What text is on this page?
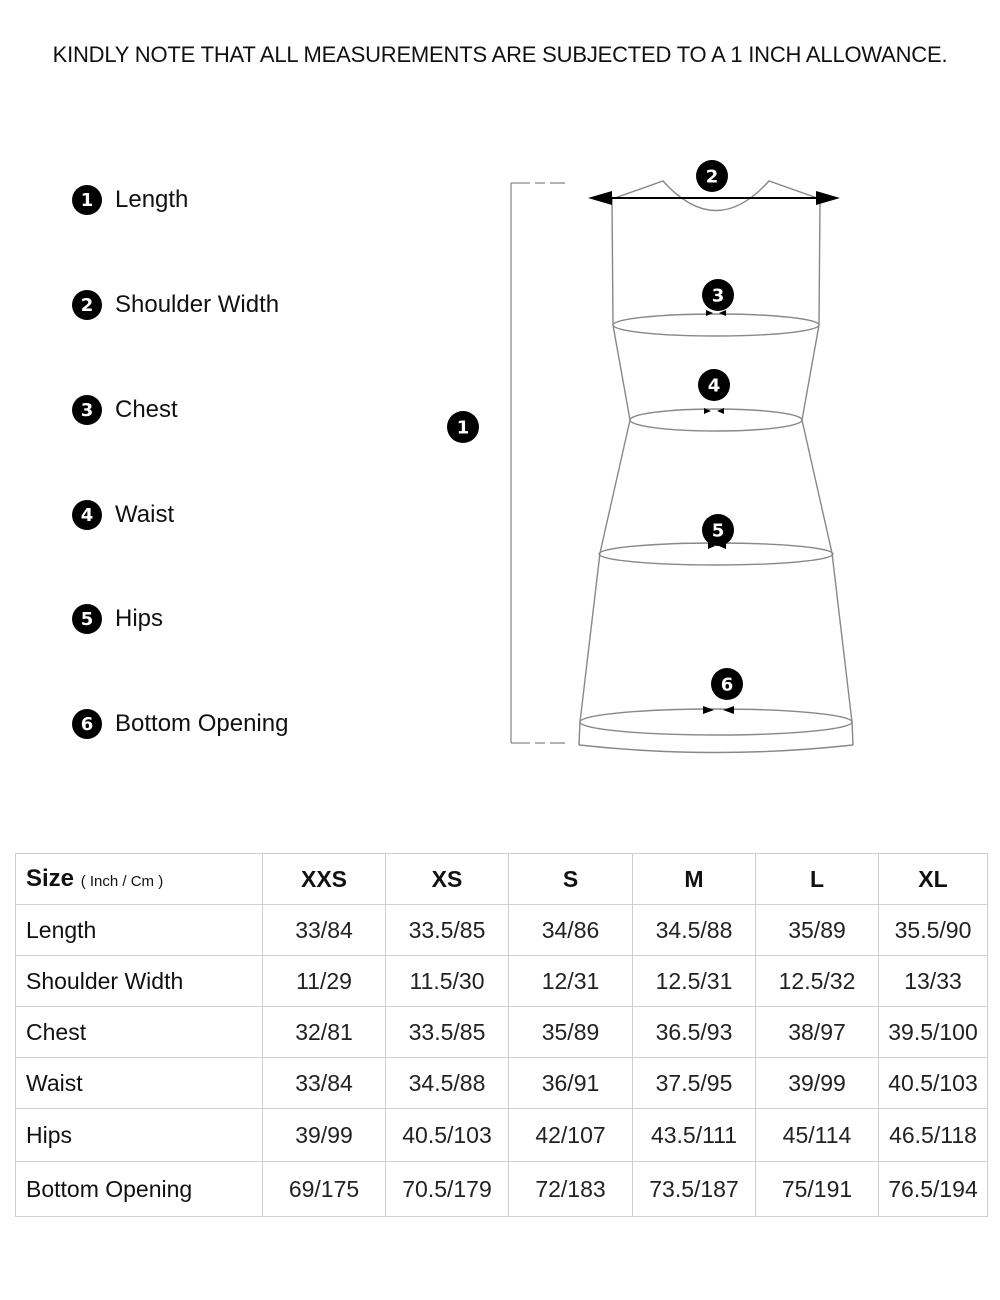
KINDLY NOTE THAT ALL MEASUREMENTS ARE SUBJECTED TO A 1 INCH ALLOWANCE.
1 Length
2 Shoulder Width
3 Chest
4 Waist
5 Hips
6 Bottom Opening
1
2
3
4
5
6
Size ( Inch / Cm )	XXS	XS	S	M	L	XL
Length	33/84	33.5/85	34/86	34.5/88	35/89	35.5/90
Shoulder Width	11/29	11.5/30	12/31	12.5/31	12.5/32	13/33
Chest	32/81	33.5/85	35/89	36.5/93	38/97	39.5/100
Waist	33/84	34.5/88	36/91	37.5/95	39/99	40.5/103
Hips	39/99	40.5/103	42/107	43.5/111	45/114	46.5/118
Bottom Opening	69/175	70.5/179	72/183	73.5/187	75/191	76.5/194
